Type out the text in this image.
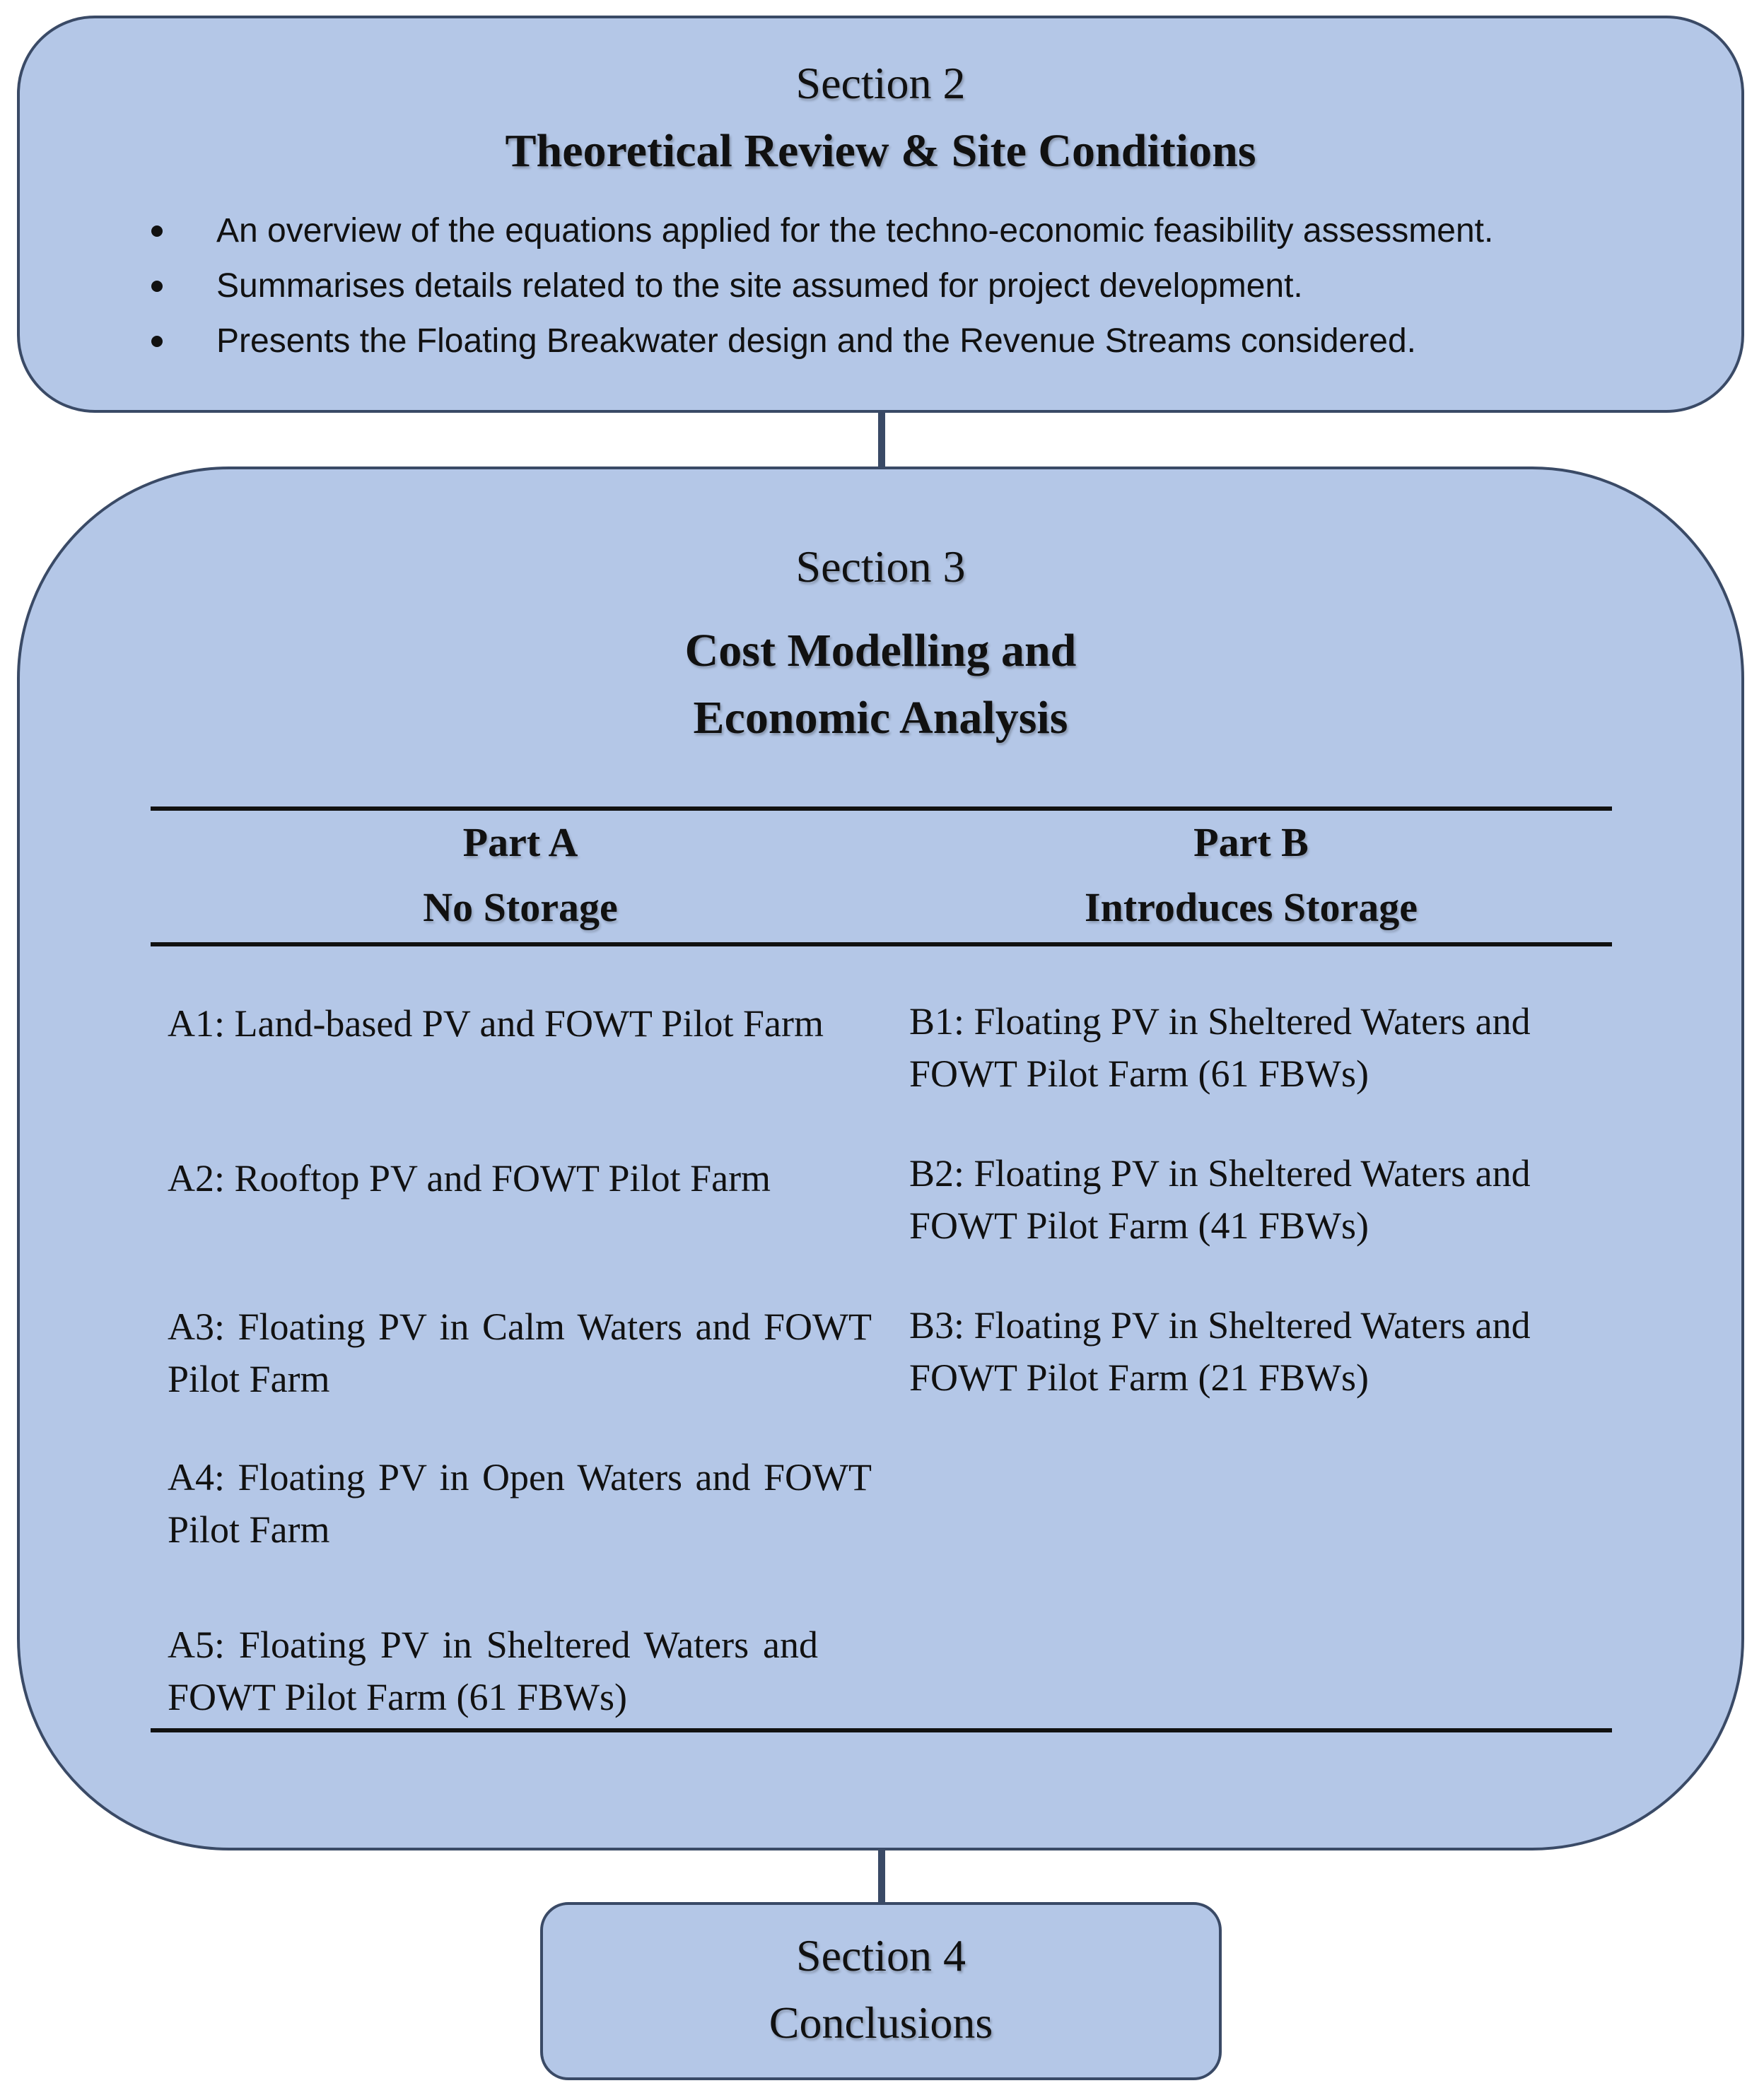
Section 2
Theoretical Review & Site Conditions
An overview of the equations applied for the techno-economic feasibility assessment.
Summarises details related to the site assumed for project development.
Presents the Floating Breakwater design and the Revenue Streams considered.
Section 3
Cost Modelling and
Economic Analysis
Part A
No Storage
Part B
Introduces Storage
A1: Land-based PV and FOWT Pilot Farm
A2: Rooftop PV and FOWT Pilot Farm
A3: Floating PV in Calm Waters and FOWT Pilot Farm
A4: Floating PV in Open Waters and FOWT Pilot Farm
A5: Floating PV in Sheltered Waters and FOWT Pilot Farm (61 FBWs)
B1: Floating PV in Sheltered Waters and FOWT Pilot Farm (61 FBWs)
B2: Floating PV in Sheltered Waters and FOWT Pilot Farm (41 FBWs)
B3: Floating PV in Sheltered Waters and FOWT Pilot Farm (21 FBWs)
Section 4
Conclusions
